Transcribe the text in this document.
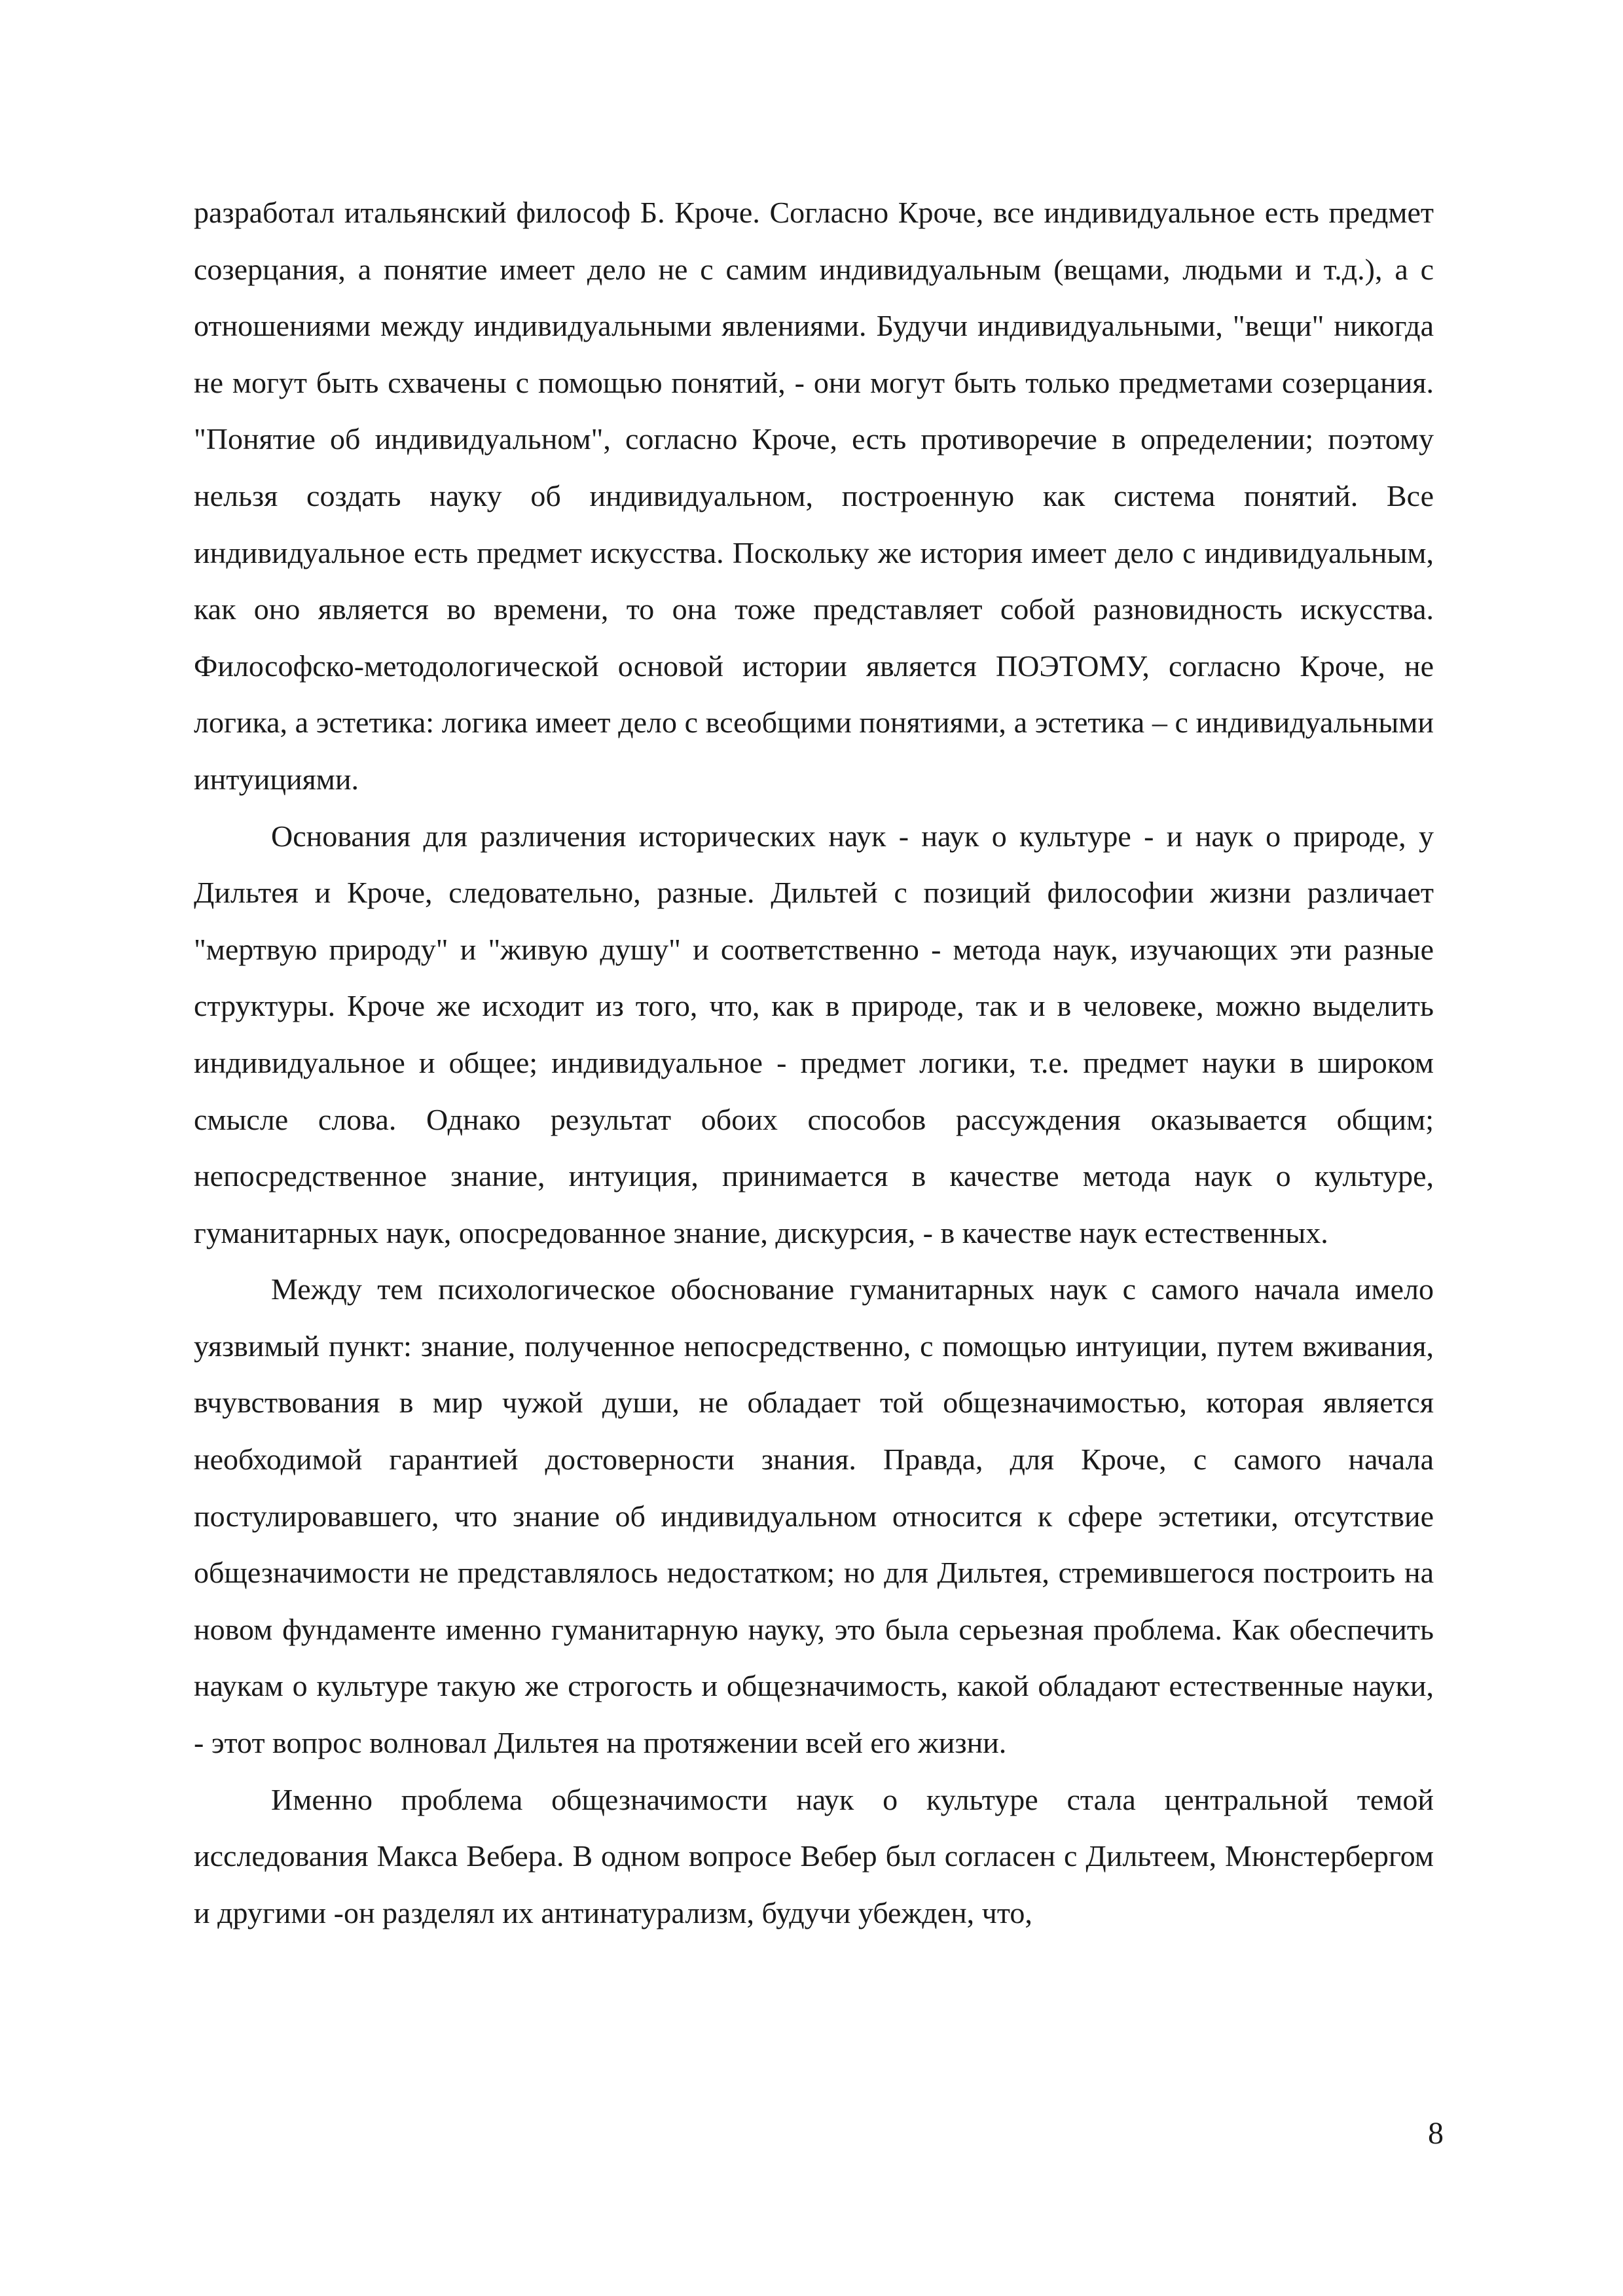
разработал итальянский философ Б. Кроче. Согласно Кроче, все индивидуальное есть предмет созерцания, а понятие имеет дело не с самим индивидуальным (вещами, людьми и т.д.), а с отношениями между индивидуальными явлениями. Будучи индивидуальными, "вещи" никогда не могут быть схвачены с помощью понятий, - они могут быть только предметами созерцания. "Понятие об индивидуальном", согласно Кроче, есть противоречие в определении; поэтому нельзя создать науку об индивидуальном, построенную как система понятий. Все индивидуальное есть предмет искусства. Поскольку же история имеет дело с индивидуальным, как оно является во времени, то она тоже представляет собой разновидность искусства. Философско-методологической основой истории является ПОЭТОМУ, согласно Кроче, не логика, а эстетика: логика имеет дело с всеобщими понятиями, а эстетика – с индивидуальными интуициями.

Основания для различения исторических наук - наук о культуре - и наук о природе, у Дильтея и Кроче, следовательно, разные. Дильтей с позиций философии жизни различает "мертвую природу" и "живую душу" и соответственно - метода наук, изучающих эти разные структуры. Кроче же исходит из того, что, как в природе, так и в человеке, можно выделить индивидуальное и общее; индивидуальное - предмет логики, т.е. предмет науки в широком смысле слова. Однако результат обоих способов рассуждения оказывается общим; непосредственное знание, интуиция, принимается в качестве метода наук о культуре, гуманитарных наук, опосредованное знание, дискурсия, - в качестве наук естественных.

Между тем психологическое обоснование гуманитарных наук с самого начала имело уязвимый пункт: знание, полученное непосредственно, с помощью интуиции, путем вживания, вчувствования в мир чужой души, не обладает той общезначимостью, которая является необходимой гарантией достоверности знания. Правда, для Кроче, с самого начала постулировавшего, что знание об индивидуальном относится к сфере эстетики, отсутствие общезначимости не представлялось недостатком; но для Дильтея, стремившегося построить на новом фундаменте именно гуманитарную науку, это была серьезная проблема. Как обеспечить наукам о культуре такую же строгость и общезначимость, какой обладают естественные науки, - этот вопрос волновал Дильтея на протяжении всей его жизни.

Именно проблема общезначимости наук о культуре стала центральной темой исследования Макса Вебера. В одном вопросе Вебер был согласен с Дильтеем, Мюнстербергом и другими -он разделял их антинатурализм, будучи убежден, что,

8
